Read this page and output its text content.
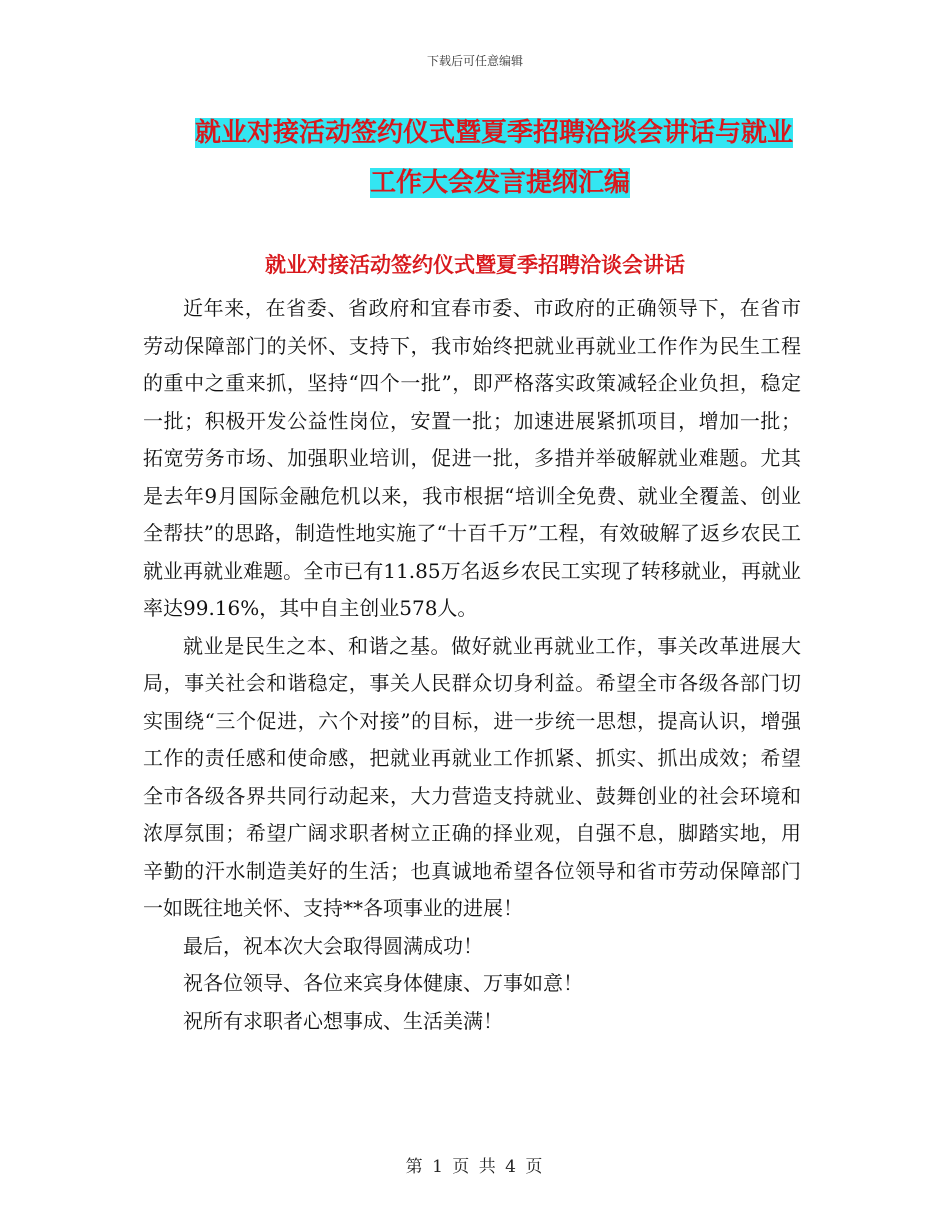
下载后可任意编辑
就业对接活动签约仪式暨夏季招聘洽谈会讲话与就业
工作大会发言提纲汇编
就业对接活动签约仪式暨夏季招聘洽谈会讲话

近年来，在省委、省政府和宜春市委、市政府的正确领导下，在省市劳动保障部门的关怀、支持下，我市始终把就业再就业工作作为民生工程的重中之重来抓，坚持“四个一批”，即严格落实政策减轻企业负担，稳定一批；积极开发公益性岗位，安置一批；加速进展紧抓项目，增加一批；拓宽劳务市场、加强职业培训，促进一批，多措并举破解就业难题。尤其是去年9月国际金融危机以来，我市根据“培训全免费、就业全覆盖、创业全帮扶”的思路，制造性地实施了“十百千万”工程，有效破解了返乡农民工就业再就业难题。全市已有11.85万名返乡农民工实现了转移就业，再就业率达99.16%，其中自主创业578人。

就业是民生之本、和谐之基。做好就业再就业工作，事关改革进展大局，事关社会和谐稳定，事关人民群众切身利益。希望全市各级各部门切实围绕“三个促进，六个对接”的目标，进一步统一思想，提高认识，增强工作的责任感和使命感，把就业再就业工作抓紧、抓实、抓出成效；希望全市各级各界共同行动起来，大力营造支持就业、鼓舞创业的社会环境和浓厚氛围；希望广阔求职者树立正确的择业观，自强不息，脚踏实地，用辛勤的汗水制造美好的生活；也真诚地希望各位领导和省市劳动保障部门一如既往地关怀、支持**各项事业的进展！

最后，祝本次大会取得圆满成功！

祝各位领导、各位来宾身体健康、万事如意！

祝所有求职者心想事成、生活美满！

第 1 页 共 4 页
